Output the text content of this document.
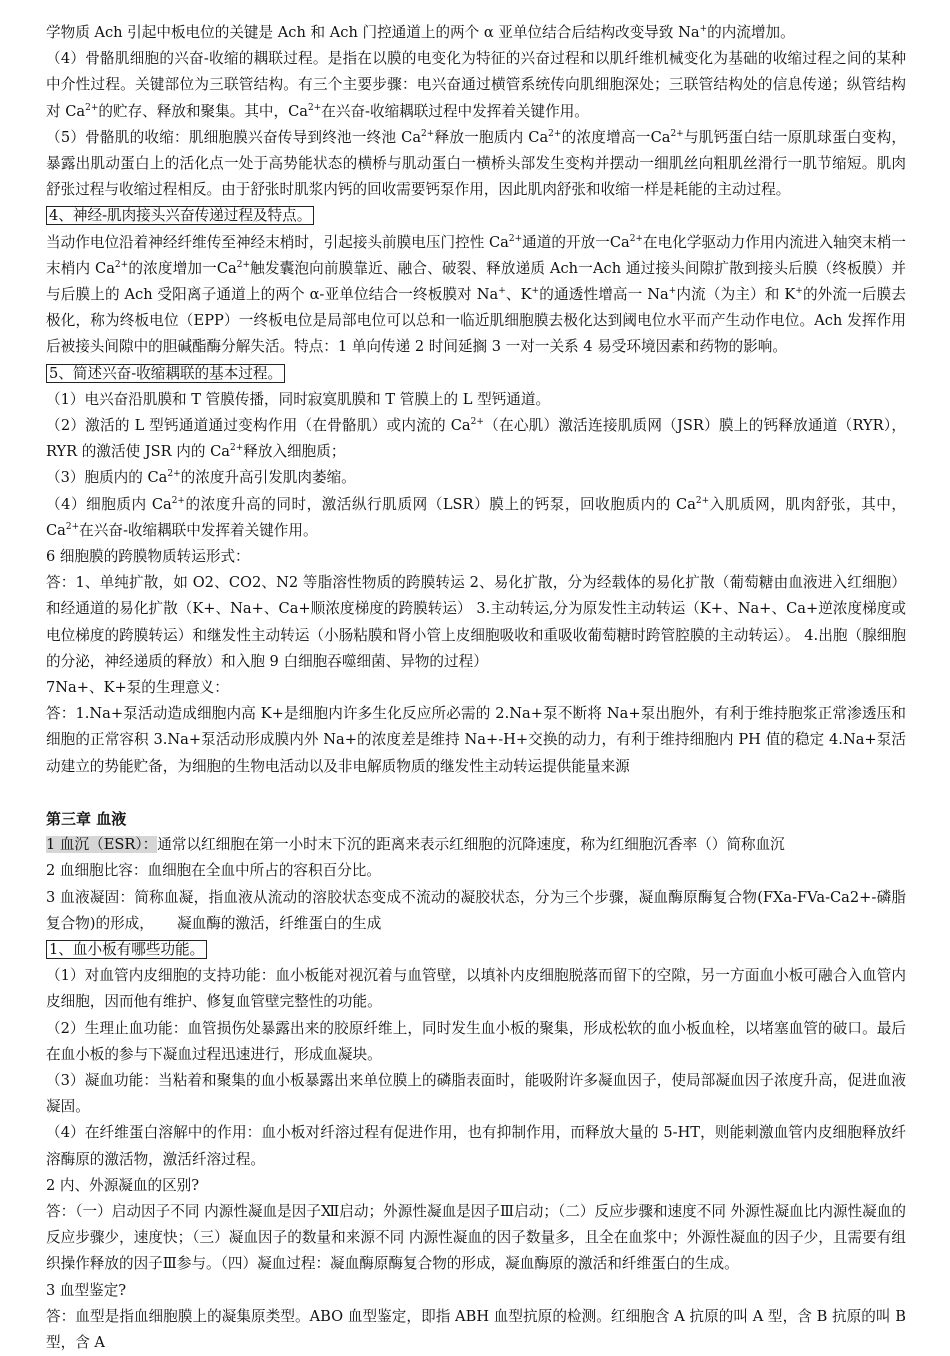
学物质 Ach 引起中板电位的关键是 Ach 和 Ach 门控通道上的两个 α 亚单位结合后结构改变导致 Na+的内流增加。

（4）骨骼肌细胞的兴奋-收缩的耦联过程。是指在以膜的电变化为特征的兴奋过程和以肌纤维机械变化为基础的收缩过程之间的某种中介性过程。关键部位为三联管结构。有三个主要步骤：电兴奋通过横管系统传向肌细胞深处；三联管结构处的信息传递；纵管结构对 $Ca^{2+}$的贮存、释放和聚集。其中，$Ca^{2+}$在兴奋-收缩耦联过程中发挥着关键作用。

（5）骨骼肌的收缩：肌细胞膜兴奋传导到终池一终池 $Ca^{2+}$释放一胞质内 $Ca^{2+}$的浓度增高一$Ca^{2+}$与肌钙蛋白结一原肌球蛋白变构，暴露出肌动蛋白上的活化点一处于高势能状态的横桥与肌动蛋白一横桥头部发生变构并摆动一细肌丝向粗肌丝滑行一肌节缩短。肌肉舒张过程与收缩过程相反。由于舒张时肌浆内钙的回收需要钙泵作用，因此肌肉舒张和收缩一样是耗能的主动过程。

4、神经-肌肉接头兴奋传递过程及特点。

当动作电位沿着神经纤维传至神经末梢时，引起接头前膜电压门控性 $Ca^{2+}$通道的开放一$Ca^{2+}$在电化学驱动力作用内流进入轴突末梢一末梢内 $Ca^{2+}$的浓度增加一$Ca^{2+}$触发囊泡向前膜靠近、融合、破裂、释放递质 Ach一Ach 通过接头间隙扩散到接头后膜（终板膜）并与后膜上的 Ach 受阳离子通道上的两个 α-亚单位结合一终板膜对 Na+、K+的通透性增高一 Na+内流（为主）和 K+的外流一后膜去极化，称为终板电位（EPP）一终板电位是局部电位可以总和一临近肌细胞膜去极化达到阈电位水平而产生动作电位。Ach 发挥作用后被接头间隙中的胆碱酯酶分解失活。特点：1 单向传递 2 时间延搁 3 一对一关系 4 易受环境因素和药物的影响。

5、简述兴奋-收缩耦联的基本过程。

（1）电兴奋沿肌膜和 T 管膜传播，同时寂寞肌膜和 T 管膜上的 L 型钙通道。

（2）激活的 L 型钙通道通过变构作用（在骨骼肌）或内流的 $Ca^{2+}$（在心肌）激活连接肌质网（JSR）膜上的钙释放通道（RYR），RYR 的激活使 JSR 内的 $Ca^{2+}$释放入细胞质；

（3）胞质内的 $Ca^{2+}$的浓度升高引发肌肉萎缩。

（4）细胞质内 $Ca^{2+}$的浓度升高的同时，激活纵行肌质网（LSR）膜上的钙泵，回收胞质内的 $Ca^{2+}$入肌质网，肌肉舒张，其中，$Ca^{2+}$在兴奋-收缩耦联中发挥着关键作用。

6 细胞膜的跨膜物质转运形式：

答：1、单纯扩散，如 O2、CO2、N2 等脂溶性物质的跨膜转运 2、易化扩散，分为经载体的易化扩散（葡萄糖由血液进入红细胞）和经通道的易化扩散（K+、Na+、Ca+顺浓度梯度的跨膜转运） 3.主动转运,分为原发性主动转运（K+、Na+、Ca+逆浓度梯度或电位梯度的跨膜转运）和继发性主动转运（小肠粘膜和肾小管上皮细胞吸收和重吸收葡萄糖时跨管腔膜的主动转运）。 4.出胞（腺细胞的分泌，神经递质的释放）和入胞 9 白细胞吞噬细菌、异物的过程）

7Na+、K+泵的生理意义：

答：1.Na+泵活动造成细胞内高 K+是细胞内许多生化反应所必需的 2.Na+泵不断将 Na+泵出胞外，有利于维持胞浆正常渗透压和细胞的正常容积 3.Na+泵活动形成膜内外 Na+的浓度差是维持 Na+-H+交换的动力，有利于维持细胞内 PH 值的稳定 4.Na+泵活动建立的势能贮备，为细胞的生物电活动以及非电解质物质的继发性主动转运提供能量来源

第三章 血液

1 血沉（ESR）：通常以红细胞在第一小时末下沉的距离来表示红细胞的沉降速度，称为红细胞沉香率（）简称血沉

2 血细胞比容：血细胞在全血中所占的容积百分比。

3 血液凝固：简称血凝，指血液从流动的溶胶状态变成不流动的凝胶状态，分为三个步骤，凝血酶原酶复合物(FXa-FVa-Ca2+-磷脂复合物)的形成，     凝血酶的激活，纤维蛋白的生成

1、血小板有哪些功能。

（1）对血管内皮细胞的支持功能：血小板能对视沉着与血管壁，以填补内皮细胞脱落而留下的空隙，另一方面血小板可融合入血管内皮细胞，因而他有维护、修复血管壁完整性的功能。

（2）生理止血功能：血管损伤处暴露出来的胶原纤维上，同时发生血小板的聚集，形成松软的血小板血栓，以堵塞血管的破口。最后在血小板的参与下凝血过程迅速进行，形成血凝块。

（3）凝血功能：当粘着和聚集的血小板暴露出来单位膜上的磷脂表面时，能吸附许多凝血因子，使局部凝血因子浓度升高，促进血液凝固。

（4）在纤维蛋白溶解中的作用：血小板对纤溶过程有促进作用，也有抑制作用，而释放大量的 5-HT，则能刺激血管内皮细胞释放纤溶酶原的激活物，激活纤溶过程。

2 内、外源凝血的区别?

答：（一）启动因子不同 内源性凝血是因子Ⅻ启动；外源性凝血是因子Ⅲ启动；（二）反应步骤和速度不同 外源性凝血比内源性凝血的反应步骤少，速度快；（三）凝血因子的数量和来源不同 内源性凝血的因子数量多，且全在血浆中；外源性凝血的因子少，且需要有组织操作释放的因子Ⅲ参与。（四）凝血过程：凝血酶原酶复合物的形成，凝血酶原的激活和纤维蛋白的生成。

3 血型鉴定?

答：血型是指血细胞膜上的凝集原类型。ABO 血型鉴定，即指 ABH 血型抗原的检测。红细胞含 A 抗原的叫 A 型，含 B 抗原的叫 B 型，含 A
